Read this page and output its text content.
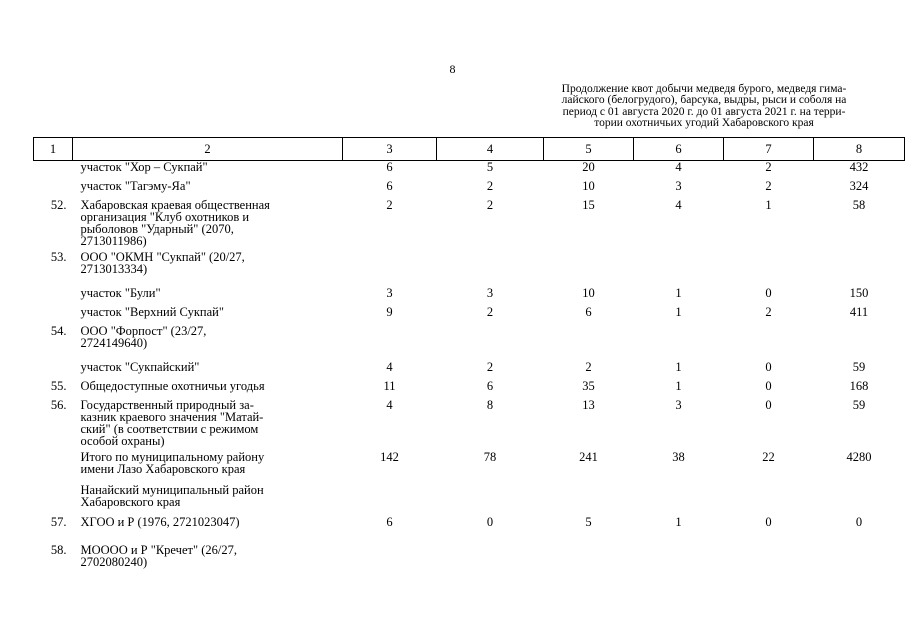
8
Продолжение квот добычи медведя бурого, медведя гима-
лайского (белогрудого), барсука, выдры, рыси и соболя на
период с 01 августа 2020 г. до 01 августа 2021 г. на терри-
тории охотничьих угодий Хабаровского края
1	2	3	4	5	6	7	8

	участок "Хор – Сукпай"	6	5	20	4	2	432

	участок "Тагэму-Яа"	6	2	10	3	2	324
52.	Хабаровская краевая общественная
организация "Клуб охотников и
рыболовов "Ударный" (2070,
2713011986)	2	2	15	4	1	58
53.	ООО "ОКМН "Сукпай" (20/27,
2713013334)						

	участок "Були"	3	3	10	1	0	150

	участок "Верхний Сукпай"	9	2	6	1	2	411
54.	ООО "Форпост" (23/27,
2724149640)						

	участок "Сукпайский"	4	2	2	1	0	59
55.	Общедоступные охотничьи угодья	11	6	35	1	0	168
56.	Государственный природный за-
казник краевого значения "Матай-
ский" (в соответствии с режимом
особой охраны)	4	8	13	3	0	59

	Итого по муниципальному району
имени Лазо Хабаровского края	142	78	241	38	22	4280

	Нанайский муниципальный район
Хабаровского края						

57.	ХГОО и Р (1976, 2721023047)	6	0	5	1	0	0
58.	МОООО и Р "Кречет" (26/27,
2702080240)						
